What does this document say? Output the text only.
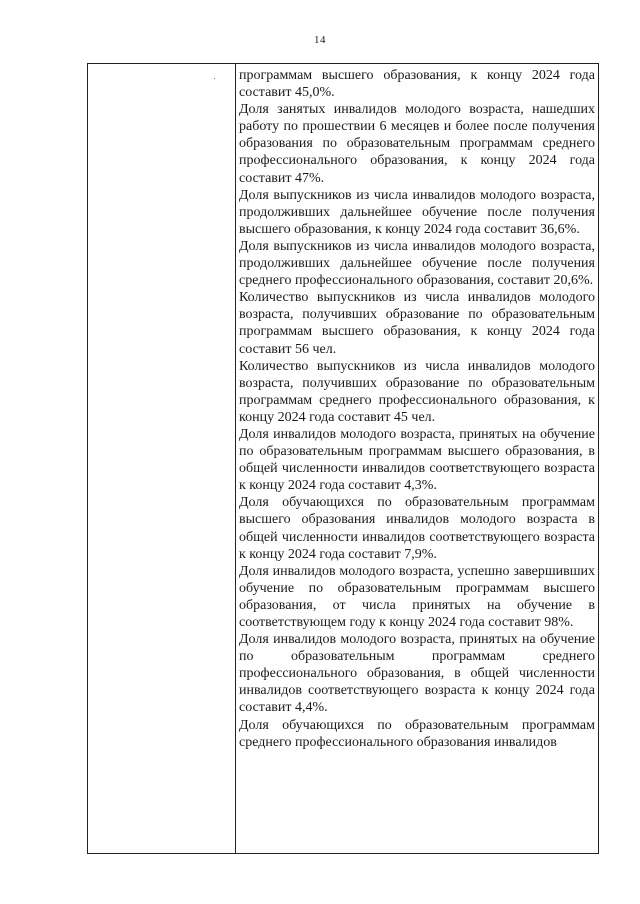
14

программам высшего образования, к концу 2024 года составит 45,0%.

Доля занятых инвалидов молодого возраста, нашедших работу по прошествии 6 месяцев и более после получения образования по образовательным программам среднего профессионального образования, к концу 2024 года составит 47%.

Доля выпускников из числа инвалидов молодого возраста, продолживших дальнейшее обучение после получения высшего образования, к концу 2024 года составит 36,6%.

Доля выпускников из числа инвалидов молодого возраста, продолживших дальнейшее обучение после получения среднего профессионального образования, составит 20,6%.

Количество выпускников из числа инвалидов молодого возраста, получивших образование по образовательным программам высшего образования, к концу 2024 года составит 56 чел.

Количество выпускников из числа инвалидов молодого возраста, получивших образование по образовательным программам среднего профессионального образования, к концу 2024 года составит 45 чел.

Доля инвалидов молодого возраста, принятых на обучение по образовательным программам высшего образования, в общей численности инвалидов соответствующего возраста к концу 2024 года составит 4,3%.

Доля обучающихся по образовательным программам высшего образования инвалидов молодого возраста в общей численности инвалидов соответствующего возраста к концу 2024 года составит 7,9%.

Доля инвалидов молодого возраста, успешно завершивших обучение по образовательным программам высшего образования, от числа принятых на обучение в соответствующем году к концу 2024 года составит 98%.

Доля инвалидов молодого возраста, принятых на обучение по образовательным программам среднего профессионального образования, в общей численности инвалидов соответствующего возраста к концу 2024 года составит 4,4%.

Доля обучающихся по образовательным программам среднего профессионального образования инвалидов
